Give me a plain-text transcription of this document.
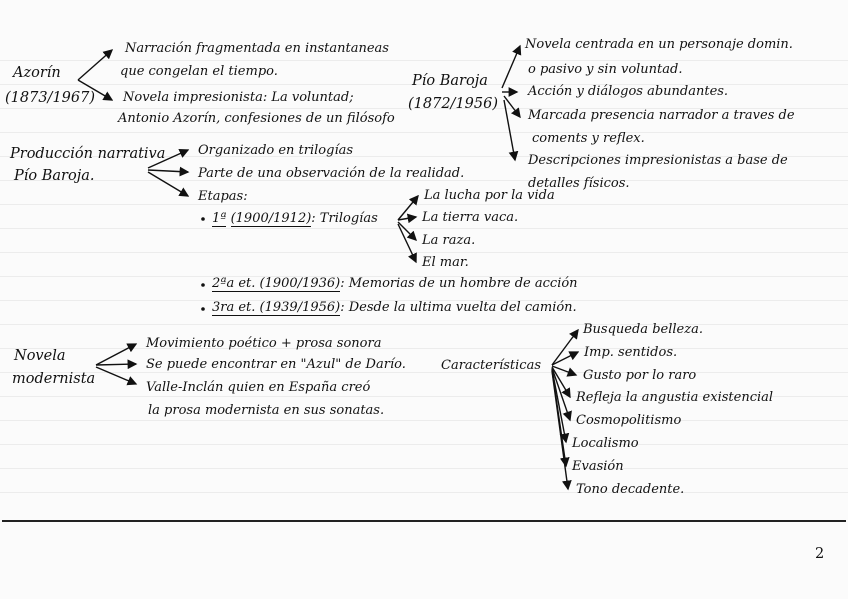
Azorín
(1873/1967)
Narración fragmentada en instantaneas
que congelan el tiempo.
Novela impresionista: La voluntad;
Antonio Azorín, confesiones de un filósofo
Pío Baroja
(1872/1956)
Novela centrada en un personaje domin.
o pasivo y sin voluntad.
Acción y diálogos abundantes.
Marcada presencia narrador a traves de
coments y reflex.
Descripciones impresionistas a base de
detalles físicos.
Producción narrativa
Pío Baroja.
Organizado en trilogías
Parte de una observación de la realidad.
Etapas:
1ª (1900/1912): Trilogías
La lucha por la vida
La tierra vaca.
La raza.
El mar.
2ªa et. (1900/1936): Memorias de un hombre de acción
3ra et. (1939/1956): Desde la ultima vuelta del camión.
Novela
modernista
Movimiento poético + prosa sonora
Se puede encontrar en "Azul" de Darío.
Valle-Inclán quien en España creó
la prosa modernista en sus sonatas.
Características
Busqueda belleza.
Imp. sentidos.
Gusto por lo raro
Refleja la angustia existencial
Cosmopolitismo
Localismo
Evasión
Tono decadente.
2
